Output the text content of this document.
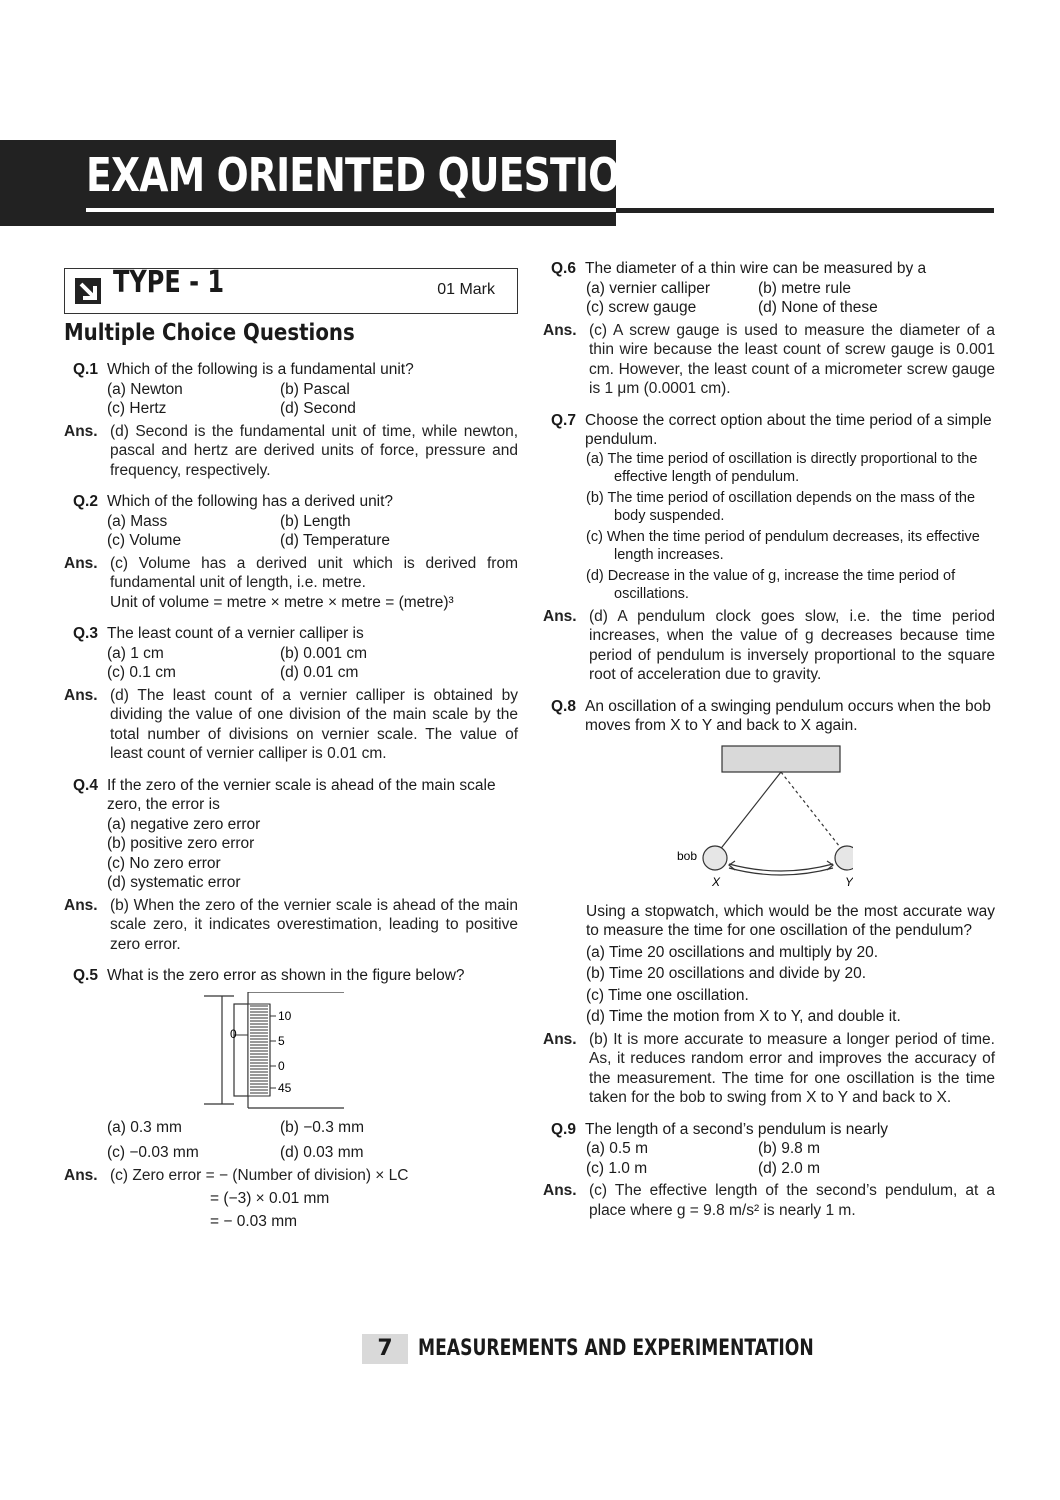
EXAM ORIENTED QUESTIONS
TYPE - 1	01 Mark
Multiple Choice Questions
Q.1 Which of the following is a fundamental unit?
(a) Newton	(b) Pascal
(c) Hertz	(d) Second
Ans. (d) Second is the fundamental unit of time, while newton, pascal and hertz are derived units of force, pressure and frequency, respectively.
Q.2 Which of the following has a derived unit?
(a) Mass	(b) Length
(c) Volume	(d) Temperature
Ans. (c) Volume has a derived unit which is derived from fundamental unit of length, i.e. metre.
Unit of volume = metre × metre × metre = (metre)³
Q.3 The least count of a vernier calliper is
(a) 1 cm	(b) 0.001 cm
(c) 0.1 cm	(d) 0.01 cm
Ans. (d) The least count of a vernier calliper is obtained by dividing the value of one division of the main scale by the total number of divisions on vernier scale. The value of least count of vernier calliper is 0.01 cm.
Q.4 If the zero of the vernier scale is ahead of the main scale zero, the error is
(a) negative zero error
(b) positive zero error
(c) No zero error
(d) systematic error
Ans. (b) When the zero of the vernier scale is ahead of the main scale zero, it indicates overestimation, leading to positive zero error.
Q.5 What is the zero error as shown in the figure below?
0
10
5
0
45
(a) 0.3 mm	(b) −0.3 mm
(c) −0.03 mm	(d) 0.03 mm
Ans. (c) Zero error = − (Number of division) × LC
= (−3) × 0.01 mm
= − 0.03 mm
Q.6 The diameter of a thin wire can be measured by a
(a) vernier calliper	(b) metre rule
(c) screw gauge	(d) None of these
Ans. (c) A screw gauge is used to measure the diameter of a thin wire because the least count of screw gauge is 0.001 cm. However, the least count of a micrometer screw gauge is 1 μm (0.0001 cm).
Q.7 Choose the correct option about the time period of a simple pendulum.
(a) The time period of oscillation is directly proportional to the effective length of pendulum.
(b) The time period of oscillation depends on the mass of the body suspended.
(c) When the time period of pendulum decreases, its effective length increases.
(d) Decrease in the value of g, increase the time period of oscillations.
Ans. (d) A pendulum clock goes slow, i.e. the time period increases, when the value of g decreases because time period of pendulum is inversely proportional to the square root of acceleration due to gravity.
Q.8 An oscillation of a swinging pendulum occurs when the bob moves from X to Y and back to X again.
bob
X	Y
Using a stopwatch, which would be the most accurate way to measure the time for one oscillation of the pendulum?
(a) Time 20 oscillations and multiply by 20.
(b) Time 20 oscillations and divide by 20.
(c) Time one oscillation.
(d) Time the motion from X to Y, and double it.
Ans. (b) It is more accurate to measure a longer period of time. As, it reduces random error and improves the accuracy of the measurement. The time for one oscillation is the time taken for the bob to swing from X to Y and back to X.
Q.9 The length of a second’s pendulum is nearly
(a) 0.5 m	(b) 9.8 m
(c) 1.0 m	(d) 2.0 m
Ans. (c) The effective length of the second’s pendulum, at a place where g = 9.8 m/s² is nearly 1 m.
7	MEASUREMENTS AND EXPERIMENTATION
